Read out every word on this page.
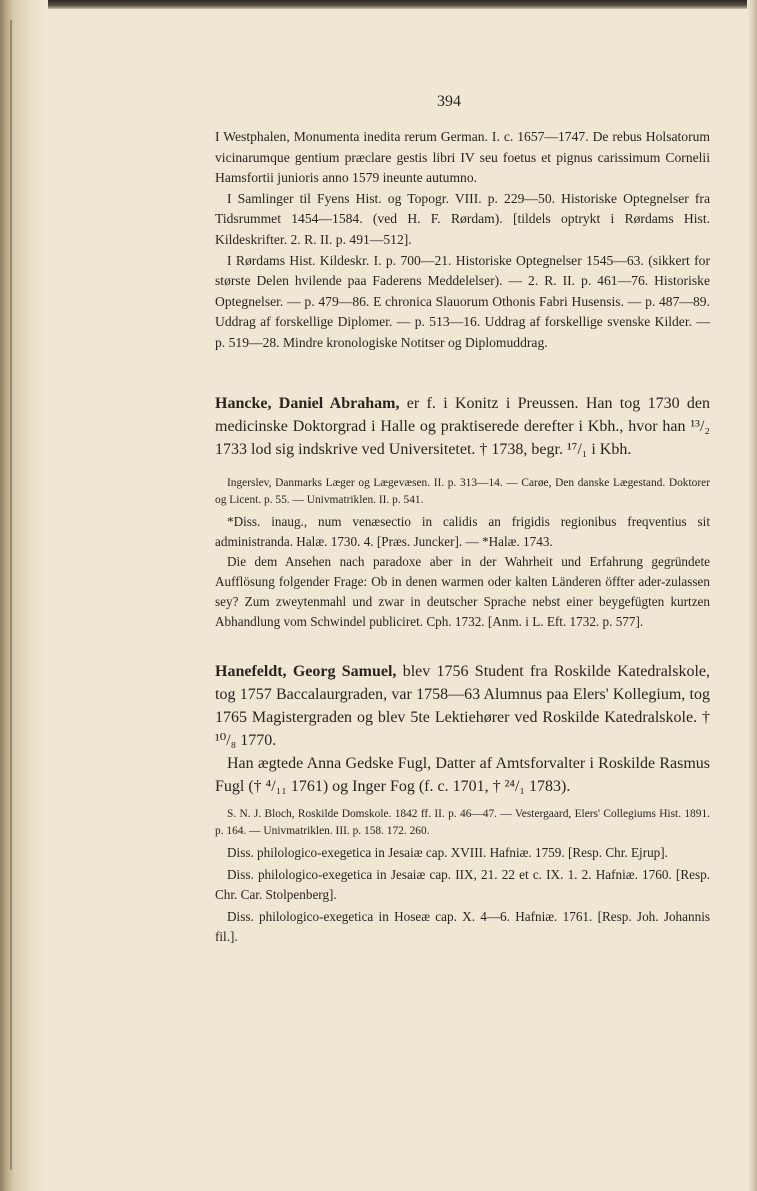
394

I Westphalen, Monumenta inedita rerum German. I. c. 1657—1747. De rebus Holsatorum vicinarumque gentium præclare gestis libri IV seu foetus et pignus carissimum Cornelii Hamsfortii junioris anno 1579 ineunte autumno.

I Samlinger til Fyens Hist. og Topogr. VIII. p. 229—50. Historiske Optegnelser fra Tidsrummet 1454—1584. (ved H. F. Rørdam). [tildels optrykt i Rørdams Hist. Kildeskrifter. 2. R. II. p. 491—512].

I Rørdams Hist. Kildeskr. I. p. 700—21. Historiske Optegnelser 1545—63. (sikkert for største Delen hvilende paa Faderens Meddelelser). — 2. R. II. p. 461—76. Historiske Optegnelser. — p. 479—86. E chronica Slauorum Othonis Fabri Husensis. — p. 487—89. Uddrag af forskellige Diplomer. — p. 513—16. Uddrag af forskellige svenske Kilder. — p. 519—28. Mindre kronologiske Notitser og Diplomuddrag.

Hancke, Daniel Abraham, er f. i Konitz i Preussen. Han tog 1730 den medicinske Doktorgrad i Halle og praktiserede derefter i Kbh., hvor han ¹³/₂ 1733 lod sig indskrive ved Universitetet. † 1738, begr. ¹⁷/₁ i Kbh.

Ingerslev, Danmarks Læger og Lægevæsen. II. p. 313—14. — Carøe, Den danske Lægestand. Doktorer og Licent. p. 55. — Univmatriklen. II. p. 541.

*Diss. inaug., num venæsectio in calidis an frigidis regionibus freqventius sit administranda. Halæ. 1730. 4. [Præs. Juncker]. — *Halæ. 1743.

Die dem Ansehen nach paradoxe aber in der Wahrheit und Erfahrung gegründete Aufflösung folgender Frage: Ob in denen warmen oder kalten Länderen öffter ader-zulassen sey? Zum zweytenmahl und zwar in deutscher Sprache nebst einer beygefügten kurtzen Abhandlung vom Schwindel publiciret. Cph. 1732. [Anm. i L. Eft. 1732. p. 577].

Hanefeldt, Georg Samuel, blev 1756 Student fra Roskilde Katedralskole, tog 1757 Baccalaurgraden, var 1758—63 Alumnus paa Elers' Kollegium, tog 1765 Magistergraden og blev 5te Lektiehører ved Roskilde Katedralskole. † ¹⁰/₈ 1770.

Han ægtede Anna Gedske Fugl, Datter af Amtsforvalter i Roskilde Rasmus Fugl († ⁴/₁₁ 1761) og Inger Fog (f. c. 1701, † ²⁴/₁ 1783).

S. N. J. Bloch, Roskilde Domskole. 1842 ff. II. p. 46—47. — Vestergaard, Elers' Collegiums Hist. 1891. p. 164. — Univmatriklen. III. p. 158. 172. 260.

Diss. philologico-exegetica in Jesaiæ cap. XVIII. Hafniæ. 1759. [Resp. Chr. Ejrup].

Diss. philologico-exegetica in Jesaiæ cap. IIX, 21. 22 et c. IX. 1. 2. Hafniæ. 1760. [Resp. Chr. Car. Stolpenberg].

Diss. philologico-exegetica in Hoseæ cap. X. 4—6. Hafniæ. 1761. [Resp. Joh. Johannis fil.].
